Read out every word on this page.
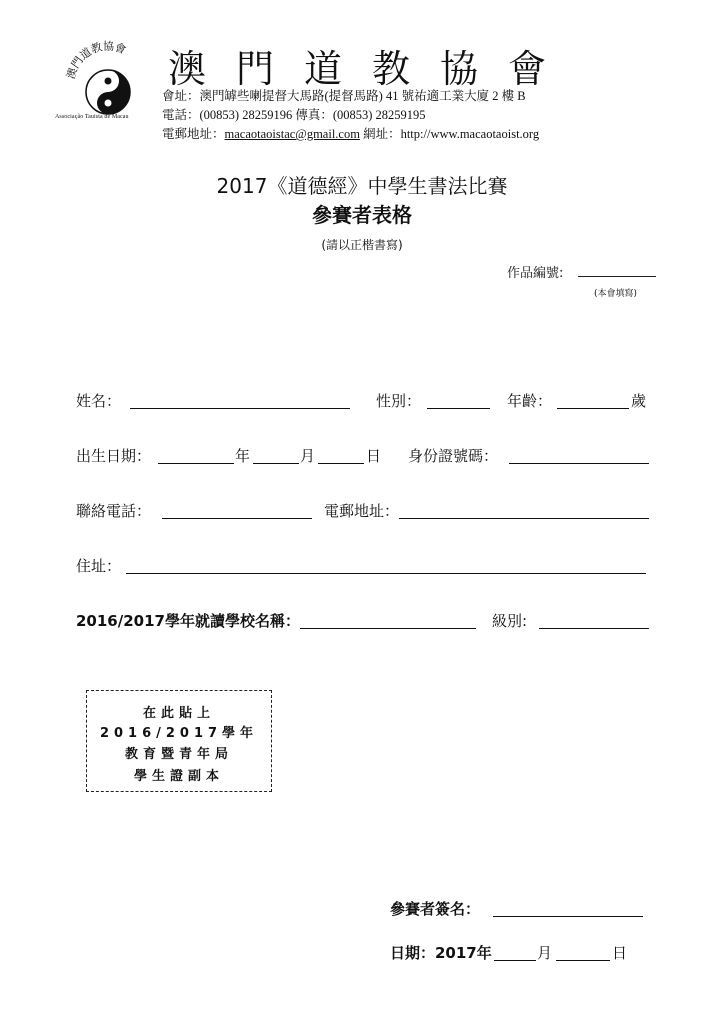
澳門道教協會
Associação Tauista de Macau
澳門道教協會
會址：澳門罅些喇提督大馬路(提督馬路) 41 號祐適工業大廈 2 樓 B
電話：(00853) 28259196 傳真：(00853) 28259195
電郵地址：macaotaoistac@gmail.com 網址：http://www.macaotaoist.org
2017《道德經》中學生書法比賽
參賽者表格
(請以正楷書寫)
作品編號:
(本會填寫)
姓名：	性別：	年齡：	歲
出生日期：	年	月	日 身份證號碼：
聯絡電話：	電郵地址：
住址：
2016/2017學年就讀學校名稱：	級別:
在此貼上
2016/2017學年
教育暨青年局
學生證副本
參賽者簽名：
日期：2017年	月	日
